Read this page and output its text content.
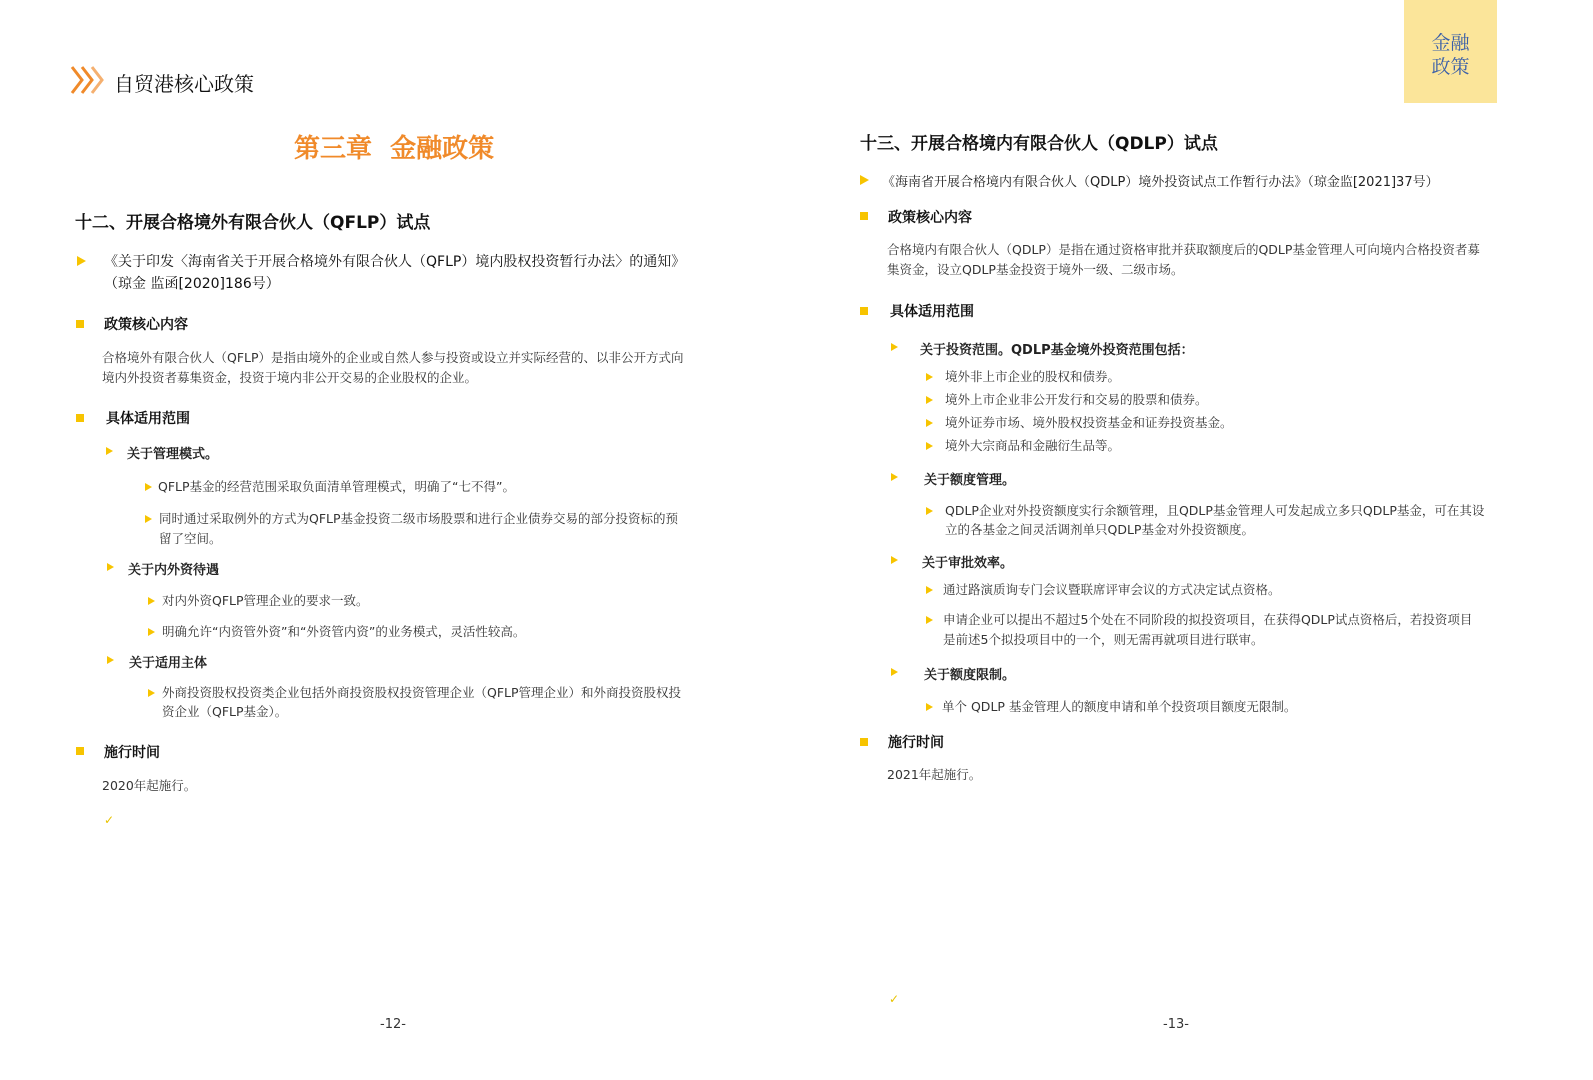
自贸港核心政策
金融
政策
第三章  金融政策
十二、开展合格境外有限合伙人（QFLP）试点
《关于印发〈海南省关于开展合格境外有限合伙人（QFLP）境内股权投资暂行办法〉的通知》
（琼金 监函[2020]186号）
政策核心内容
合格境外有限合伙人（QFLP）是指由境外的企业或自然人参与投资或设立并实际经营的、以非公开方式向
境内外投资者募集资金，投资于境内非公开交易的企业股权的企业。
具体适用范围
关于管理模式。
QFLP基金的经营范围采取负面清单管理模式，明确了“七不得”。
同时通过采取例外的方式为QFLP基金投资二级市场股票和进行企业债券交易的部分投资标的预
留了空间。
关于内外资待遇
对内外资QFLP管理企业的要求一致。
明确允许“内资管外资”和“外资管内资”的业务模式，灵活性较高。
关于适用主体
外商投资股权投资类企业包括外商投资股权投资管理企业（QFLP管理企业）和外商投资股权投
资企业（QFLP基金）。
施行时间
2020年起施行。
✓
-12-
十三、开展合格境内有限合伙人（QDLP）试点
《海南省开展合格境内有限合伙人（QDLP）境外投资试点工作暂行办法》（琼金监[2021]37号）
政策核心内容
合格境内有限合伙人（QDLP）是指在通过资格审批并获取额度后的QDLP基金管理人可向境内合格投资者募
集资金，设立QDLP基金投资于境外一级、二级市场。
具体适用范围
关于投资范围。QDLP基金境外投资范围包括：
境外非上市企业的股权和债券。
境外上市企业非公开发行和交易的股票和债券。
境外证券市场、境外股权投资基金和证券投资基金。
境外大宗商品和金融衍生品等。
关于额度管理。
QDLP企业对外投资额度实行余额管理，且QDLP基金管理人可发起成立多只QDLP基金，可在其设
立的各基金之间灵活调剂单只QDLP基金对外投资额度。
关于审批效率。
通过路演质询专门会议暨联席评审会议的方式决定试点资格。
申请企业可以提出不超过5个处在不同阶段的拟投资项目，在获得QDLP试点资格后，若投资项目
是前述5个拟投项目中的一个，则无需再就项目进行联审。
关于额度限制。
单个 QDLP 基金管理人的额度申请和单个投资项目额度无限制。
施行时间
2021年起施行。
✓
-13-
